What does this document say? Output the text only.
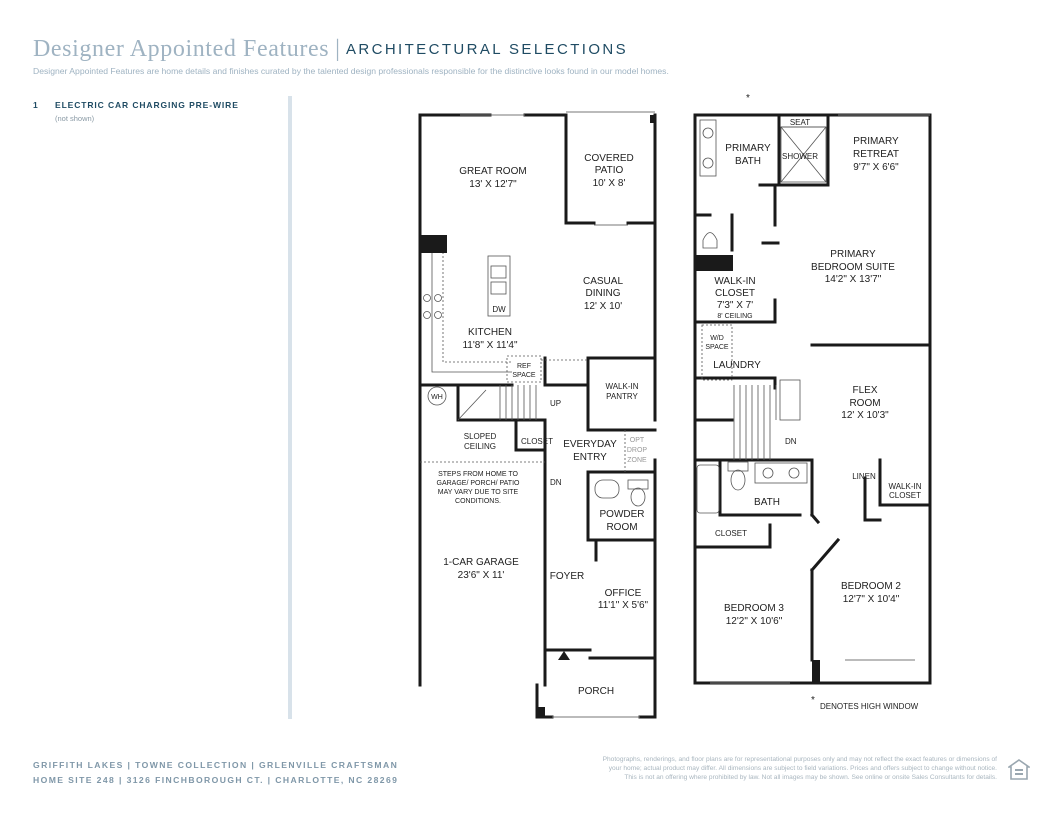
Designer Appointed Features | ARCHITECTURAL SELECTIONS
Designer Appointed Features are home details and finishes curated by the talented design professionals responsible for the distinctive looks found in our model homes.
1 ELECTRIC CAR CHARGING PRE-WIRE
(not shown)
GREAT ROOM
13' X 12'7"
COVERED
PATIO
10' X 8'
CASUAL
DINING
12' X 10'
DW
KITCHEN
11'8" X 11'4"
REF
SPACE
WH
UP
WALK-IN
PANTRY
SLOPED
CEILING
CLOSET EVERYDAY
ENTRY
OPT
DROP
ZONE
STEPS FROM HOME TO
GARAGE/ PORCH/ PATIO
MAY VARY DUE TO SITE
CONDITIONS.
DN
POWDER
ROOM
1-CAR GARAGE
23'6" X 11'	FOYER
OFFICE
11'1" X 5'6"
PORCH
*
SEAT
SHOWER
PRIMARY
BATH
PRIMARY
RETREAT
9'7" X 6'6"
PRIMARY
BEDROOM SUITE
14'2" X 13'7"
WALK-IN
CLOSET
7'3" X 7'
8' CEILING
W/D
SPACE
LAUNDRY
FLEX
ROOM
12' X 10'3"
DN
LINEN
WALK-IN
CLOSET
BATH
CLOSET
BEDROOM 2
12'7" X 10'4"
BEDROOM 3
12'2" X 10'6"
*
DENOTES HIGH WINDOW
GRIFFITH LAKES | TOWNE COLLECTION | GRLENVILLE CRAFTSMAN
HOME SITE 248 | 3126 FINCHBOROUGH CT. | CHARLOTTE, NC 28269
Photographs, renderings, and floor plans are for representational purposes only and may not reflect the exact features or dimensions of
your home; actual product may differ. All dimensions are subject to field variations. Prices and offers subject to change without notice.
This is not an offering where prohibited by law. Not all images may be shown. See online or onsite Sales Consultants for details.
